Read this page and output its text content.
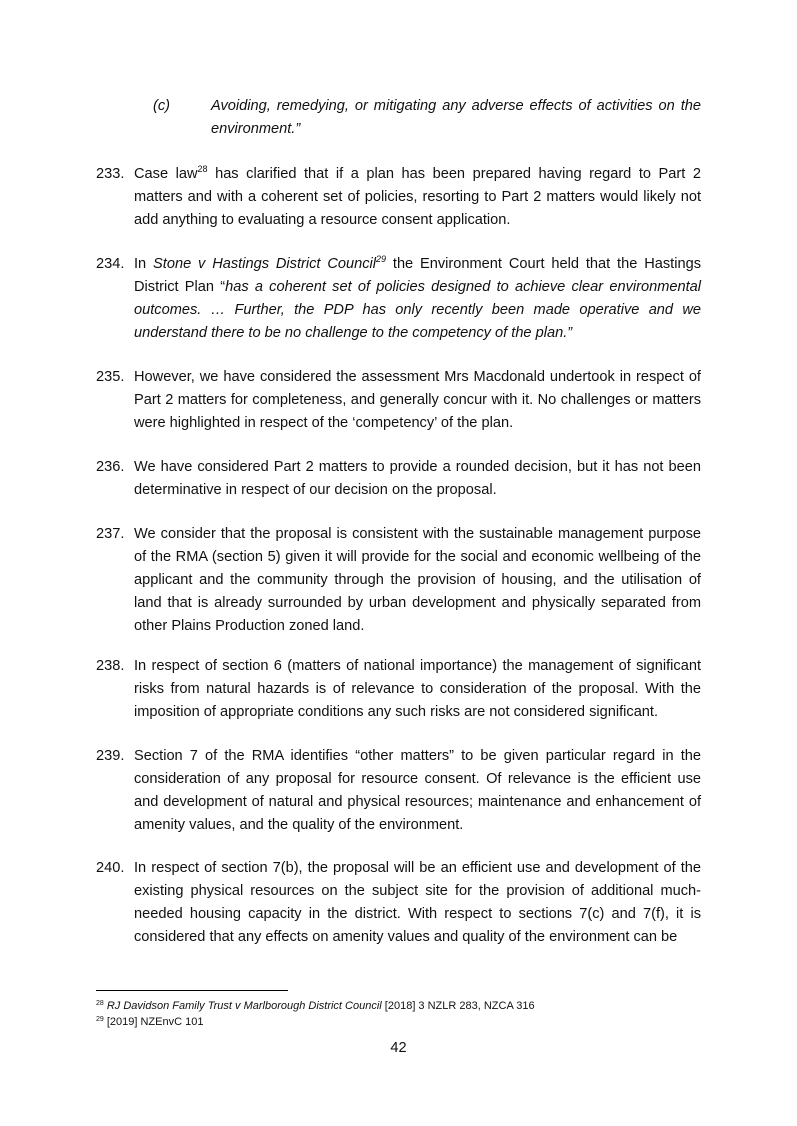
(c)	Avoiding, remedying, or mitigating any adverse effects of activities on the environment.”
233. Case law$^{28}$ has clarified that if a plan has been prepared having regard to Part 2 matters and with a coherent set of policies, resorting to Part 2 matters would likely not add anything to evaluating a resource consent application.
234. In Stone v Hastings District Council$^{29}$ the Environment Court held that the Hastings District Plan “has a coherent set of policies designed to achieve clear environmental outcomes. … Further, the PDP has only recently been made operative and we understand there to be no challenge to the competency of the plan.”
235. However, we have considered the assessment Mrs Macdonald undertook in respect of Part 2 matters for completeness, and generally concur with it. No challenges or matters were highlighted in respect of the ‘competency’ of the plan.
236. We have considered Part 2 matters to provide a rounded decision, but it has not been determinative in respect of our decision on the proposal.
237. We consider that the proposal is consistent with the sustainable management purpose of the RMA (section 5) given it will provide for the social and economic wellbeing of the applicant and the community through the provision of housing, and the utilisation of land that is already surrounded by urban development and physically separated from other Plains Production zoned land.
238. In respect of section 6 (matters of national importance) the management of significant risks from natural hazards is of relevance to consideration of the proposal. With the imposition of appropriate conditions any such risks are not considered significant.
239. Section 7 of the RMA identifies “other matters” to be given particular regard in the consideration of any proposal for resource consent. Of relevance is the efficient use and development of natural and physical resources; maintenance and enhancement of amenity values, and the quality of the environment.
240. In respect of section 7(b), the proposal will be an efficient use and development of the existing physical resources on the subject site for the provision of additional much-needed housing capacity in the district. With respect to sections 7(c) and 7(f), it is considered that any effects on amenity values and quality of the environment can be
$^{28}$ RJ Davidson Family Trust v Marlborough District Council [2018] 3 NZLR 283, NZCA 316
$^{29}$ [2019] NZEnvC 101
42
